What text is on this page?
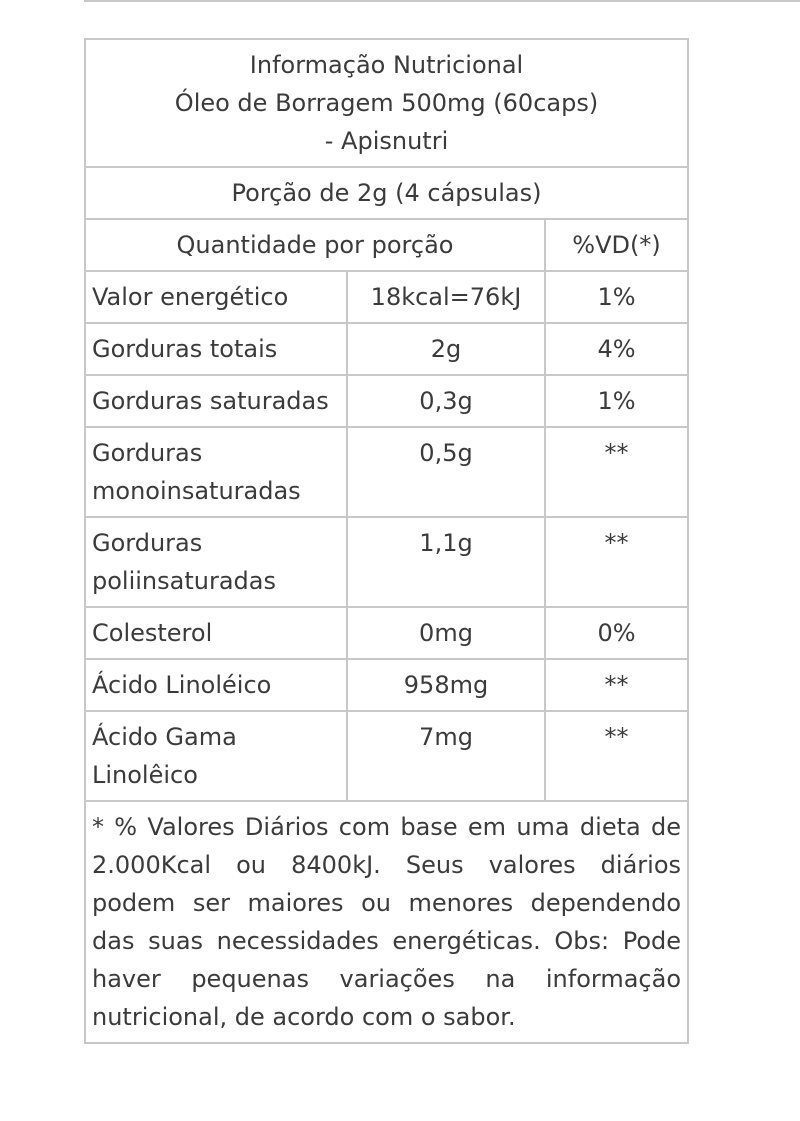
Informação Nutricional
Óleo de Borragem 500mg (60caps)
- Apisnutri		

Porção de 2g (4 cápsulas)		
Quantidade por porção		%VD(*)
Valor energético	18kcal=76kJ	1%
Gorduras totais	2g	4%
Gorduras saturadas	0,3g	1%
Gorduras monoinsaturadas	0,5g	**
Gorduras poliinsaturadas	1,1g	**
Colesterol	0mg	0%
Ácido Linoléico	958mg	**
Ácido Gama Linolêico	7mg	**
* % Valores Diários com base em uma dieta de 2.000Kcal ou 8400kJ. Seus valores diários podem ser maiores ou menores dependendo das suas necessidades energéticas. Obs: Pode haver pequenas variações na informação nutricional, de acordo com o sabor.		
